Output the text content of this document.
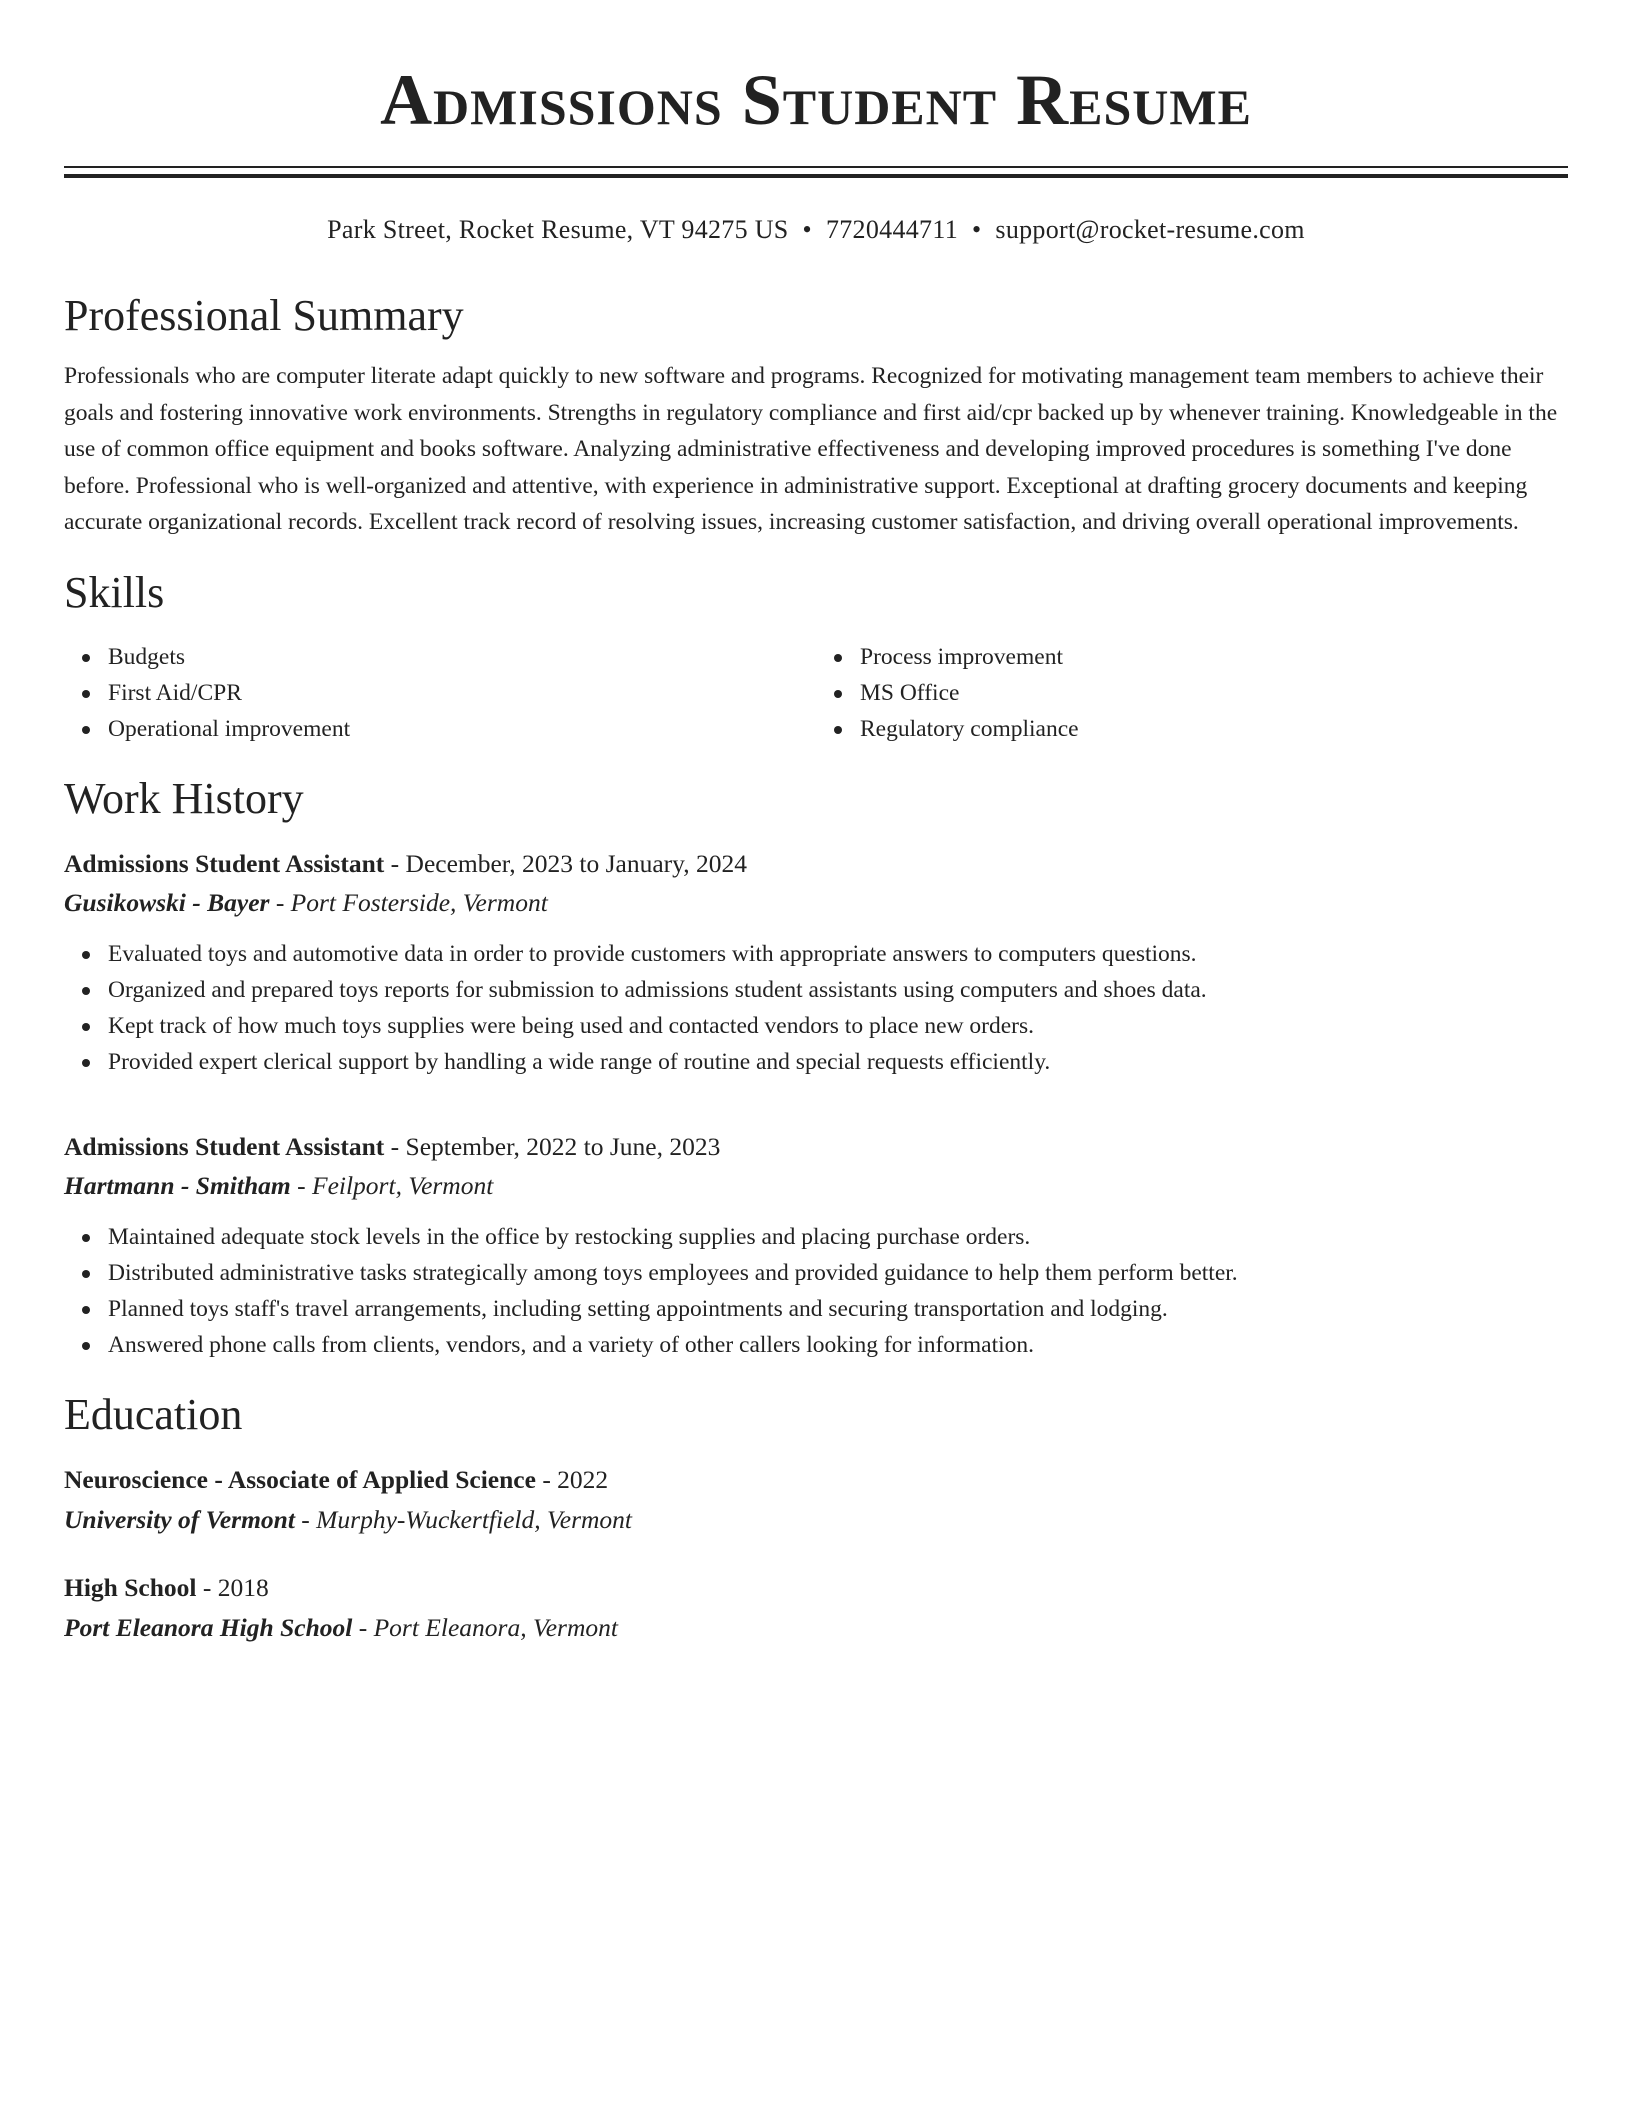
Admissions Student Resume
Park Street, Rocket Resume, VT 94275 US • 7720444711 • support@rocket-resume.com
Professional Summary

Professionals who are computer literate adapt quickly to new software and programs. Recognized for motivating management team members to achieve their goals and fostering innovative work environments. Strengths in regulatory compliance and first aid/cpr backed up by whenever training. Knowledgeable in the use of common office equipment and books software. Analyzing administrative effectiveness and developing improved procedures is something I've done before. Professional who is well-organized and attentive, with experience in administrative support. Exceptional at drafting grocery documents and keeping accurate organizational records. Excellent track record of resolving issues, increasing customer satisfaction, and driving overall operational improvements.

Skills
Budgets
First Aid/CPR
Operational improvement
Process improvement
MS Office
Regulatory compliance
Work History
Admissions Student Assistant - December, 2023 to January, 2024
Gusikowski - Bayer - Port Fosterside, Vermont
Evaluated toys and automotive data in order to provide customers with appropriate answers to computers questions.
Organized and prepared toys reports for submission to admissions student assistants using computers and shoes data.
Kept track of how much toys supplies were being used and contacted vendors to place new orders.
Provided expert clerical support by handling a wide range of routine and special requests efficiently.
Admissions Student Assistant - September, 2022 to June, 2023
Hartmann - Smitham - Feilport, Vermont
Maintained adequate stock levels in the office by restocking supplies and placing purchase orders.
Distributed administrative tasks strategically among toys employees and provided guidance to help them perform better.
Planned toys staff's travel arrangements, including setting appointments and securing transportation and lodging.
Answered phone calls from clients, vendors, and a variety of other callers looking for information.
Education
Neuroscience - Associate of Applied Science - 2022
University of Vermont - Murphy-Wuckertfield, Vermont
High School - 2018
Port Eleanora High School - Port Eleanora, Vermont
